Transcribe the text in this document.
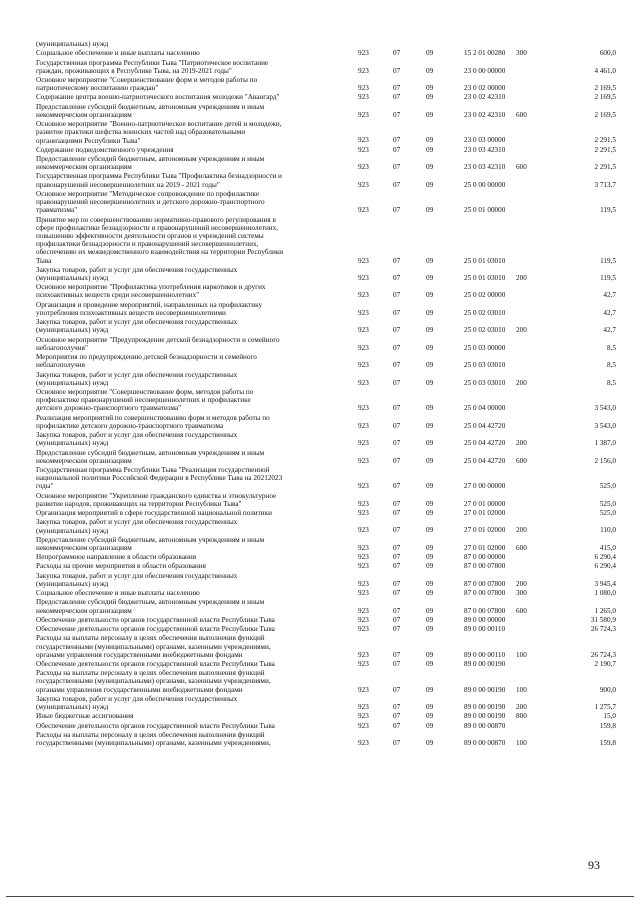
(муниципальных) нужд
Социальное обеспечение и иные выплаты населению	923	07	09	15 2 01 00280 300	600,0
Государственная программа Республики Тыва "Патриотическое воспитание
граждан, проживающих в Республике Тыва, на 2019-2021 годы"	923	07	09	23 0 00 00000	4 461,0
Основное мероприятие "Совершенствование форм и методов работы по
патриотическому воспитанию граждан"	923	07	09	23 0 02 00000	2 169,5
Содержание центра военно-патриотического воспитания молодежи "Авангард"	923	07	09	23 0 02 42310	2 169,5
Предоставление субсидий бюджетным, автономным учреждениям и иным
некоммерческим организациям	923	07	09	23 0 02 42310 600	2 169,5
Основное мероприятие "Военно-патриотическое воспитание детей и молодежи,
развитие практики шефства воинских частей над образовательными
организациями Республики Тыва"	923	07	09	23 0 03 00000	2 291,5
Содержание подведомственного учреждения	923	07	09	23 0 03 42310	2 291,5
Предоставление субсидий бюджетным, автономным учреждениям и иным
некоммерческим организациям	923	07	09	23 0 03 42310 600	2 291,5
Государственная программа Республики Тыва "Профилактика безнадзорности и
правонарушений несовершеннолетних на 2019 - 2021 годы"	923	07	09	25 0 00 00000	3 713,7
Основное мероприятие "Методическое сопровождение по профилактике
правонарушений несовершеннолетних и детского дорожно-транспортного
травматизма"	923	07	09	25 0 01 00000	119,5
Принятие мер по совершенствованию нормативно-правового регулирования в
сфере профилактики безнадзорности и правонарушений несовершеннолетних,
повышению эффективности деятельности органов и учреждений системы
профилактики безнадзорности и правонарушений несовершеннолетних,
обеспечению их межведомственного взаимодействия на территории Республики
Тыва	923	07	09	25 0 01 03010	119,5
Закупка товаров, работ и услуг для обеспечения государственных
(муниципальных) нужд	923	07	09	25 0 01 03010 200	119,5
Основное мероприятие "Профилактика употребления наркотиков и других
психоактивных веществ среди несовершеннолетних"	923	07	09	25 0 02 00000	42,7
Организация и проведение мероприятий, направленных на профилактику
употребления психоактивных веществ несовершеннолетними	923	07	09	25 0 02 03010	42,7
Закупка товаров, работ и услуг для обеспечения государственных
(муниципальных) нужд	923	07	09	25 0 02 03010 200	42,7
Основное мероприятие "Предупреждение детской безнадзорности и семейного
неблагополучия"	923	07	09	25 0 03 00000	8,5
Мероприятия по предупреждению детской безнадзорности и семейного
неблагополучия	923	07	09	25 0 03 03010	8,5
Закупка товаров, работ и услуг для обеспечения государственных
(муниципальных) нужд	923	07	09	25 0 03 03010 200	8,5
Основное мероприятие "Совершенствование форм, методов работы по
профилактике правонарушений несовершеннолетних и профилактике
детского дорожно-транспортного травматизма"	923	07	09	25 0 04 00000	3 543,0
Реализация мероприятий по совершенствованию форм и методов работы по
профилактике детского дорожно-транспортного травматизма	923	07	09	25 0 04 42720	3 543,0
Закупка товаров, работ и услуг для обеспечения государственных
(муниципальных) нужд	923	07	09	25 0 04 42720 200	1 387,0
Предоставление субсидий бюджетным, автономным учреждениям и иным
некоммерческим организациям	923	07	09	25 0 04 42720 600	2 156,0
Государственная программа Республики Тыва "Реализация государственной
национальной политики Российской Федерации в Республике Тыва на 20212023
годы"	923	07	09	27 0 00 00000	525,0
Основное мероприятие "Укрепление гражданского единства и этнокультурное
развитие народов, проживающих на территории Республики Тыва"	923	07	09	27 0 01 00000	525,0
Организация мероприятий в сфере государственной национальной политики	923	07	09	27 0 01 02000	525,0
Закупка товаров, работ и услуг для обеспечения государственных
(муниципальных) нужд	923	07	09	27 0 01 02000 200	110,0
Предоставление субсидий бюджетным, автономным учреждениям и иным
некоммерческим организациям	923	07	09	27 0 01 02000 600	415,0
Непрограммное направление в области образования	923	07	09	87 0 00 00000	6 290,4
Расходы на прочие мероприятия в области образования	923	07	09	87 0 00 07800	6 290,4
Закупка товаров, работ и услуг для обеспечения государственных
(муниципальных) нужд	923	07	09	87 0 00 07800 200	3 945,4
Социальное обеспечение и иные выплаты населению	923	07	09	87 0 00 07800 300	1 080,0
Предоставление субсидий бюджетным, автономным учреждениям и иным
некоммерческим организациям	923	07	09	87 0 00 07800 600	1 265,0
Обеспечение деятельности органов государственной власти Республики Тыва	923	07	09	89 0 00 00000	31 580,9
Обеспечение деятельности органов государственной власти Республики Тыва	923	07	09	89 0 00 00110	26 724,3
Расходы на выплаты персоналу в целях обеспечения выполнения функций
государственными (муниципальными) органами, казенными учреждениями,
органами управления государственными внебюджетными фондами	923	07	09	89 0 00 00110 100	26 724,3
Обеспечение деятельности органов государственной власти Республики Тыва	923	07	09	89 0 00 00190	2 190,7
Расходы на выплаты персоналу в целях обеспечения выполнения функций
государственными (муниципальными) органами, казенными учреждениями,
органами управления государственными внебюджетными фондами	923	07	09	89 0 00 00190 100	900,0
Закупка товаров, работ и услуг для обеспечения государственных
(муниципальных) нужд	923	07	09	89 0 00 00190 200	1 275,7
Иные бюджетные ассигнования	923	07	09	89 0 00 00190 800	15,0
Обеспечение деятельности органов государственной власти Республики Тыва	923	07	09	89 0 00 00870	159,8
Расходы на выплаты персоналу в целях обеспечения выполнения функций
государственными (муниципальными) органами, казенными учреждениями,	923	07	09	89 0 00 00870 100	159,8
93
